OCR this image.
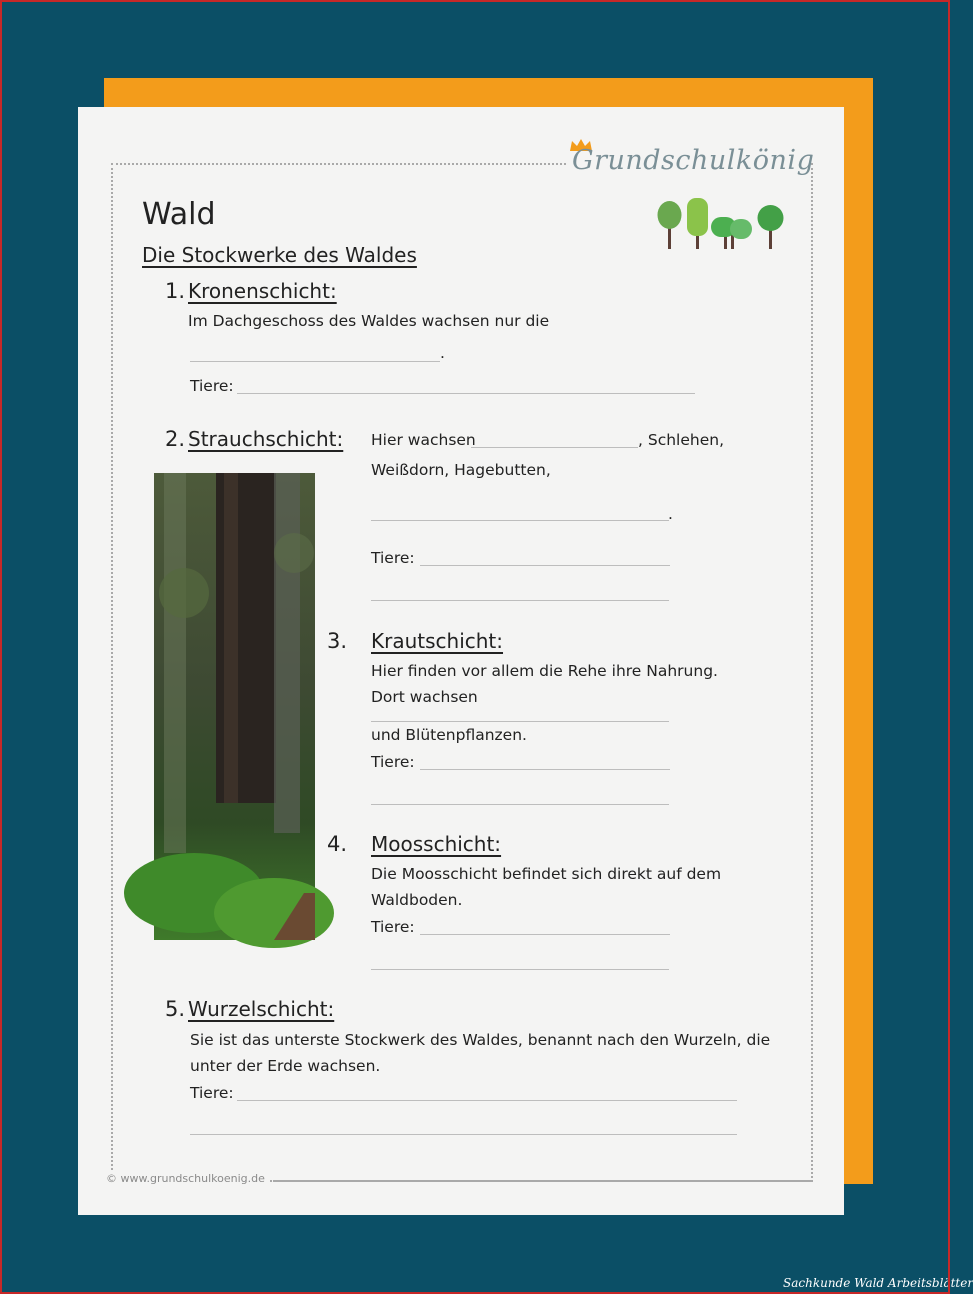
Grundschulkönig
Wald
Die Stockwerke des Waldes
1. Kronenschicht:
Im Dachgeschoss des Waldes wachsen nur die
.
Tiere:
2. Strauchschicht: Hier wachsen	, Schlehen,
Weißdorn, Hagebutten,
.
Tiere:
3. Krautschicht:
Hier finden vor allem die Rehe ihre Nahrung.
Dort wachsen
und Blütenpflanzen.
Tiere:
4. Moosschicht:
Die Moosschicht befindet sich direkt auf dem
Waldboden.
Tiere:
5. Wurzelschicht:
Sie ist das unterste Stockwerk des Waldes, benannt nach den Wurzeln, die
unter der Erde wachsen.
Tiere:
© www.grundschulkoenig.de
Sachkunde Wald Arbeitsblätter
